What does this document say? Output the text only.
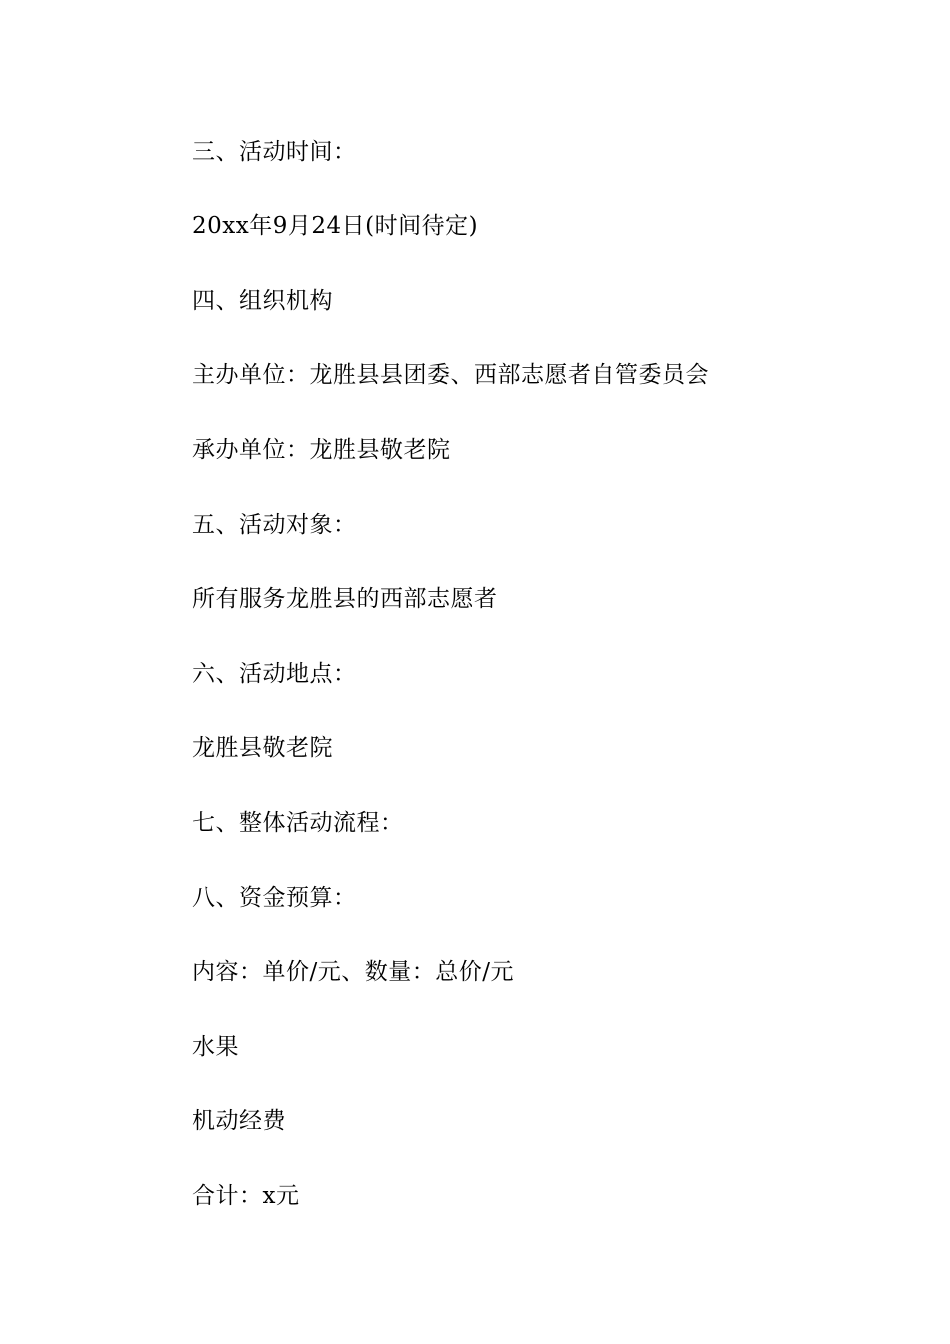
三、活动时间：
20xx年9月24日(时间待定)
四、组织机构
主办单位：龙胜县县团委、西部志愿者自管委员会
承办单位：龙胜县敬老院
五、活动对象：
所有服务龙胜县的西部志愿者
六、活动地点：
龙胜县敬老院
七、整体活动流程：
八、资金预算：
内容：单价/元、数量：总价/元
水果
机动经费
合计：x元
